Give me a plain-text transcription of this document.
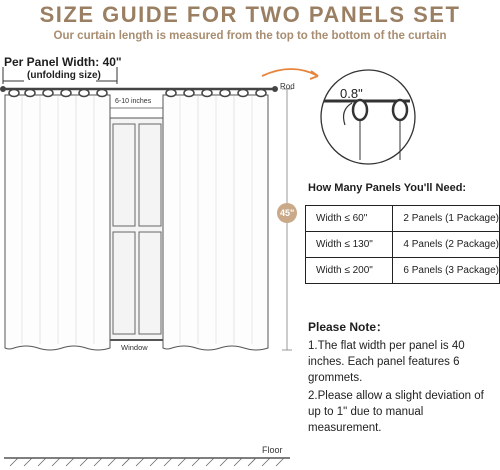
SIZE GUIDE FOR TWO PANELS SET
Our curtain length is measured from the top to the bottom of the curtain
Per Panel Width: 40"
(unfolding size)
6-10 inches
45"
Rod	0.8"
Window
Floor
How Many Panels You'll Need:
Width ≤ 60"	2 Panels (1 Package)
Width ≤ 130"	4 Panels (2 Package)
Width ≤ 200"	6 Panels (3 Package)
Please Note：
1.The flat width per panel is 40 inches. Each panel features 6 grommets.
2.Please allow a slight deviation of up to 1" due to manual measurement.
